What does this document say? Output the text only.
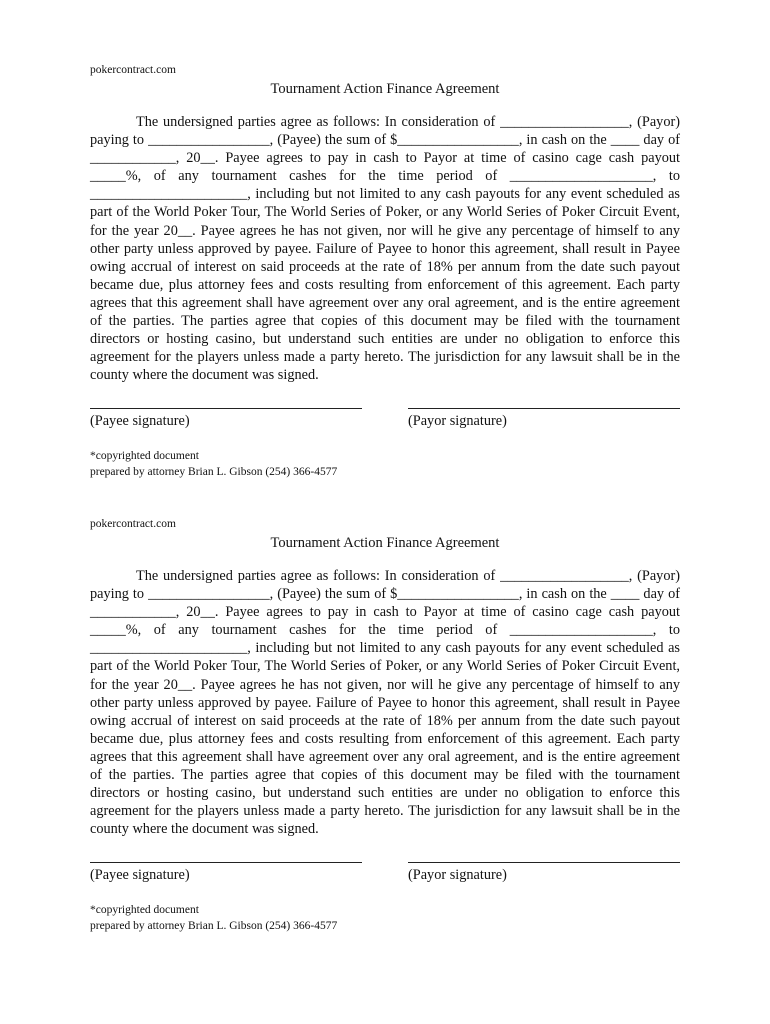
pokercontract.com

Tournament Action Finance Agreement

The undersigned parties agree as follows: In consideration of __________________, (Payor) paying to _________________, (Payee) the sum of $_________________, in cash on the ____ day of ____________, 20__. Payee agrees to pay in cash to Payor at time of casino cage cash payout _____%, of any tournament cashes for the time period of ____________________, to ______________________, including but not limited to any cash payouts for any event scheduled as part of the World Poker Tour, The World Series of Poker, or any World Series of Poker Circuit Event, for the year 20__. Payee agrees he has not given, nor will he give any percentage of himself to any other party unless approved by payee. Failure of Payee to honor this agreement, shall result in Payee owing accrual of interest on said proceeds at the rate of 18% per annum from the date such payout became due, plus attorney fees and costs resulting from enforcement of this agreement. Each party agrees that this agreement shall have agreement over any oral agreement, and is the entire agreement of the parties. The parties agree that copies of this document may be filed with the tournament directors or hosting casino, but understand such entities are under no obligation to enforce this agreement for the players unless made a party hereto. The jurisdiction for any lawsuit shall be in the county where the document was signed.

(Payee signature)	(Payor signature)
*copyrighted document
prepared by attorney Brian L. Gibson (254) 366-4577

pokercontract.com

Tournament Action Finance Agreement

The undersigned parties agree as follows: In consideration of __________________, (Payor) paying to _________________, (Payee) the sum of $_________________, in cash on the ____ day of ____________, 20__. Payee agrees to pay in cash to Payor at time of casino cage cash payout _____%, of any tournament cashes for the time period of ____________________, to ______________________, including but not limited to any cash payouts for any event scheduled as part of the World Poker Tour, The World Series of Poker, or any World Series of Poker Circuit Event, for the year 20__. Payee agrees he has not given, nor will he give any percentage of himself to any other party unless approved by payee. Failure of Payee to honor this agreement, shall result in Payee owing accrual of interest on said proceeds at the rate of 18% per annum from the date such payout became due, plus attorney fees and costs resulting from enforcement of this agreement. Each party agrees that this agreement shall have agreement over any oral agreement, and is the entire agreement of the parties. The parties agree that copies of this document may be filed with the tournament directors or hosting casino, but understand such entities are under no obligation to enforce this agreement for the players unless made a party hereto. The jurisdiction for any lawsuit shall be in the county where the document was signed.

(Payee signature)	(Payor signature)
*copyrighted document
prepared by attorney Brian L. Gibson (254) 366-4577
